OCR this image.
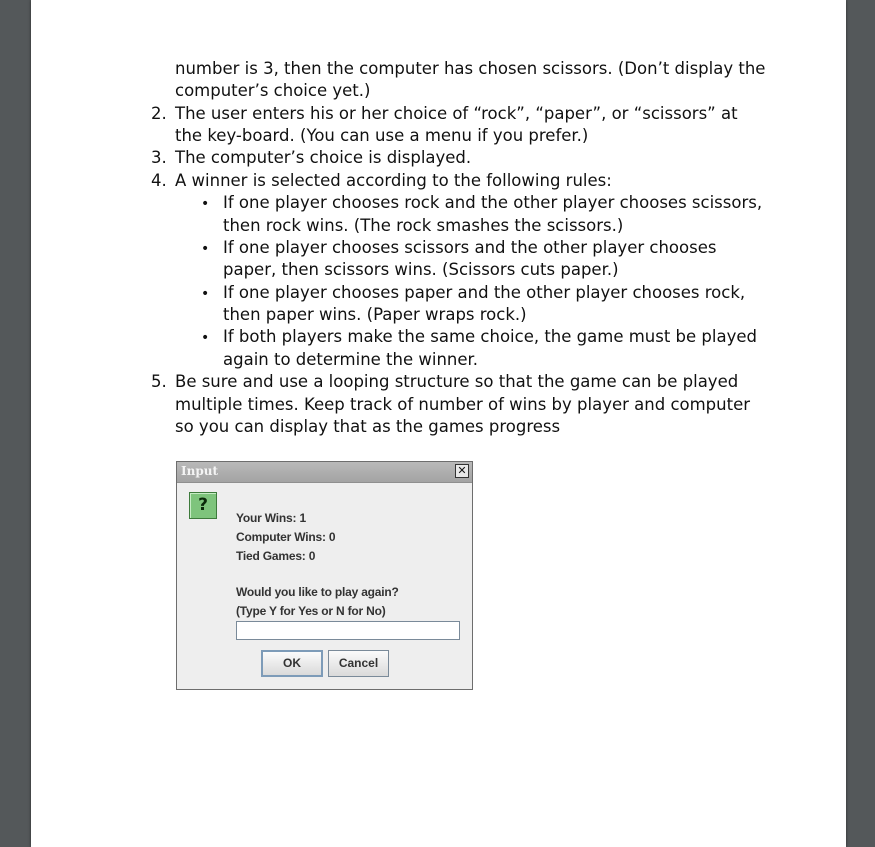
number is 3, then the computer has chosen scissors. (Don’t display the
computer’s choice yet.)
2. The user enters his or her choice of “rock”, “paper”, or “scissors” at
the key-board. (You can use a menu if you prefer.)
3. The computer’s choice is displayed.
4. A winner is selected according to the following rules:
• If one player chooses rock and the other player chooses scissors,
then rock wins. (The rock smashes the scissors.)
• If one player chooses scissors and the other player chooses
paper, then scissors wins. (Scissors cuts paper.)
• If one player chooses paper and the other player chooses rock,
then paper wins. (Paper wraps rock.)
• If both players make the same choice, the game must be played
again to determine the winner.
5. Be sure and use a looping structure so that the game can be played
multiple times. Keep track of number of wins by player and computer
so you can display that as the games progress
Input	✕
?
Your Wins: 1
Computer Wins: 0
Tied Games: 0
Would you like to play again?
(Type Y for Yes or N for No)
OK	Cancel
